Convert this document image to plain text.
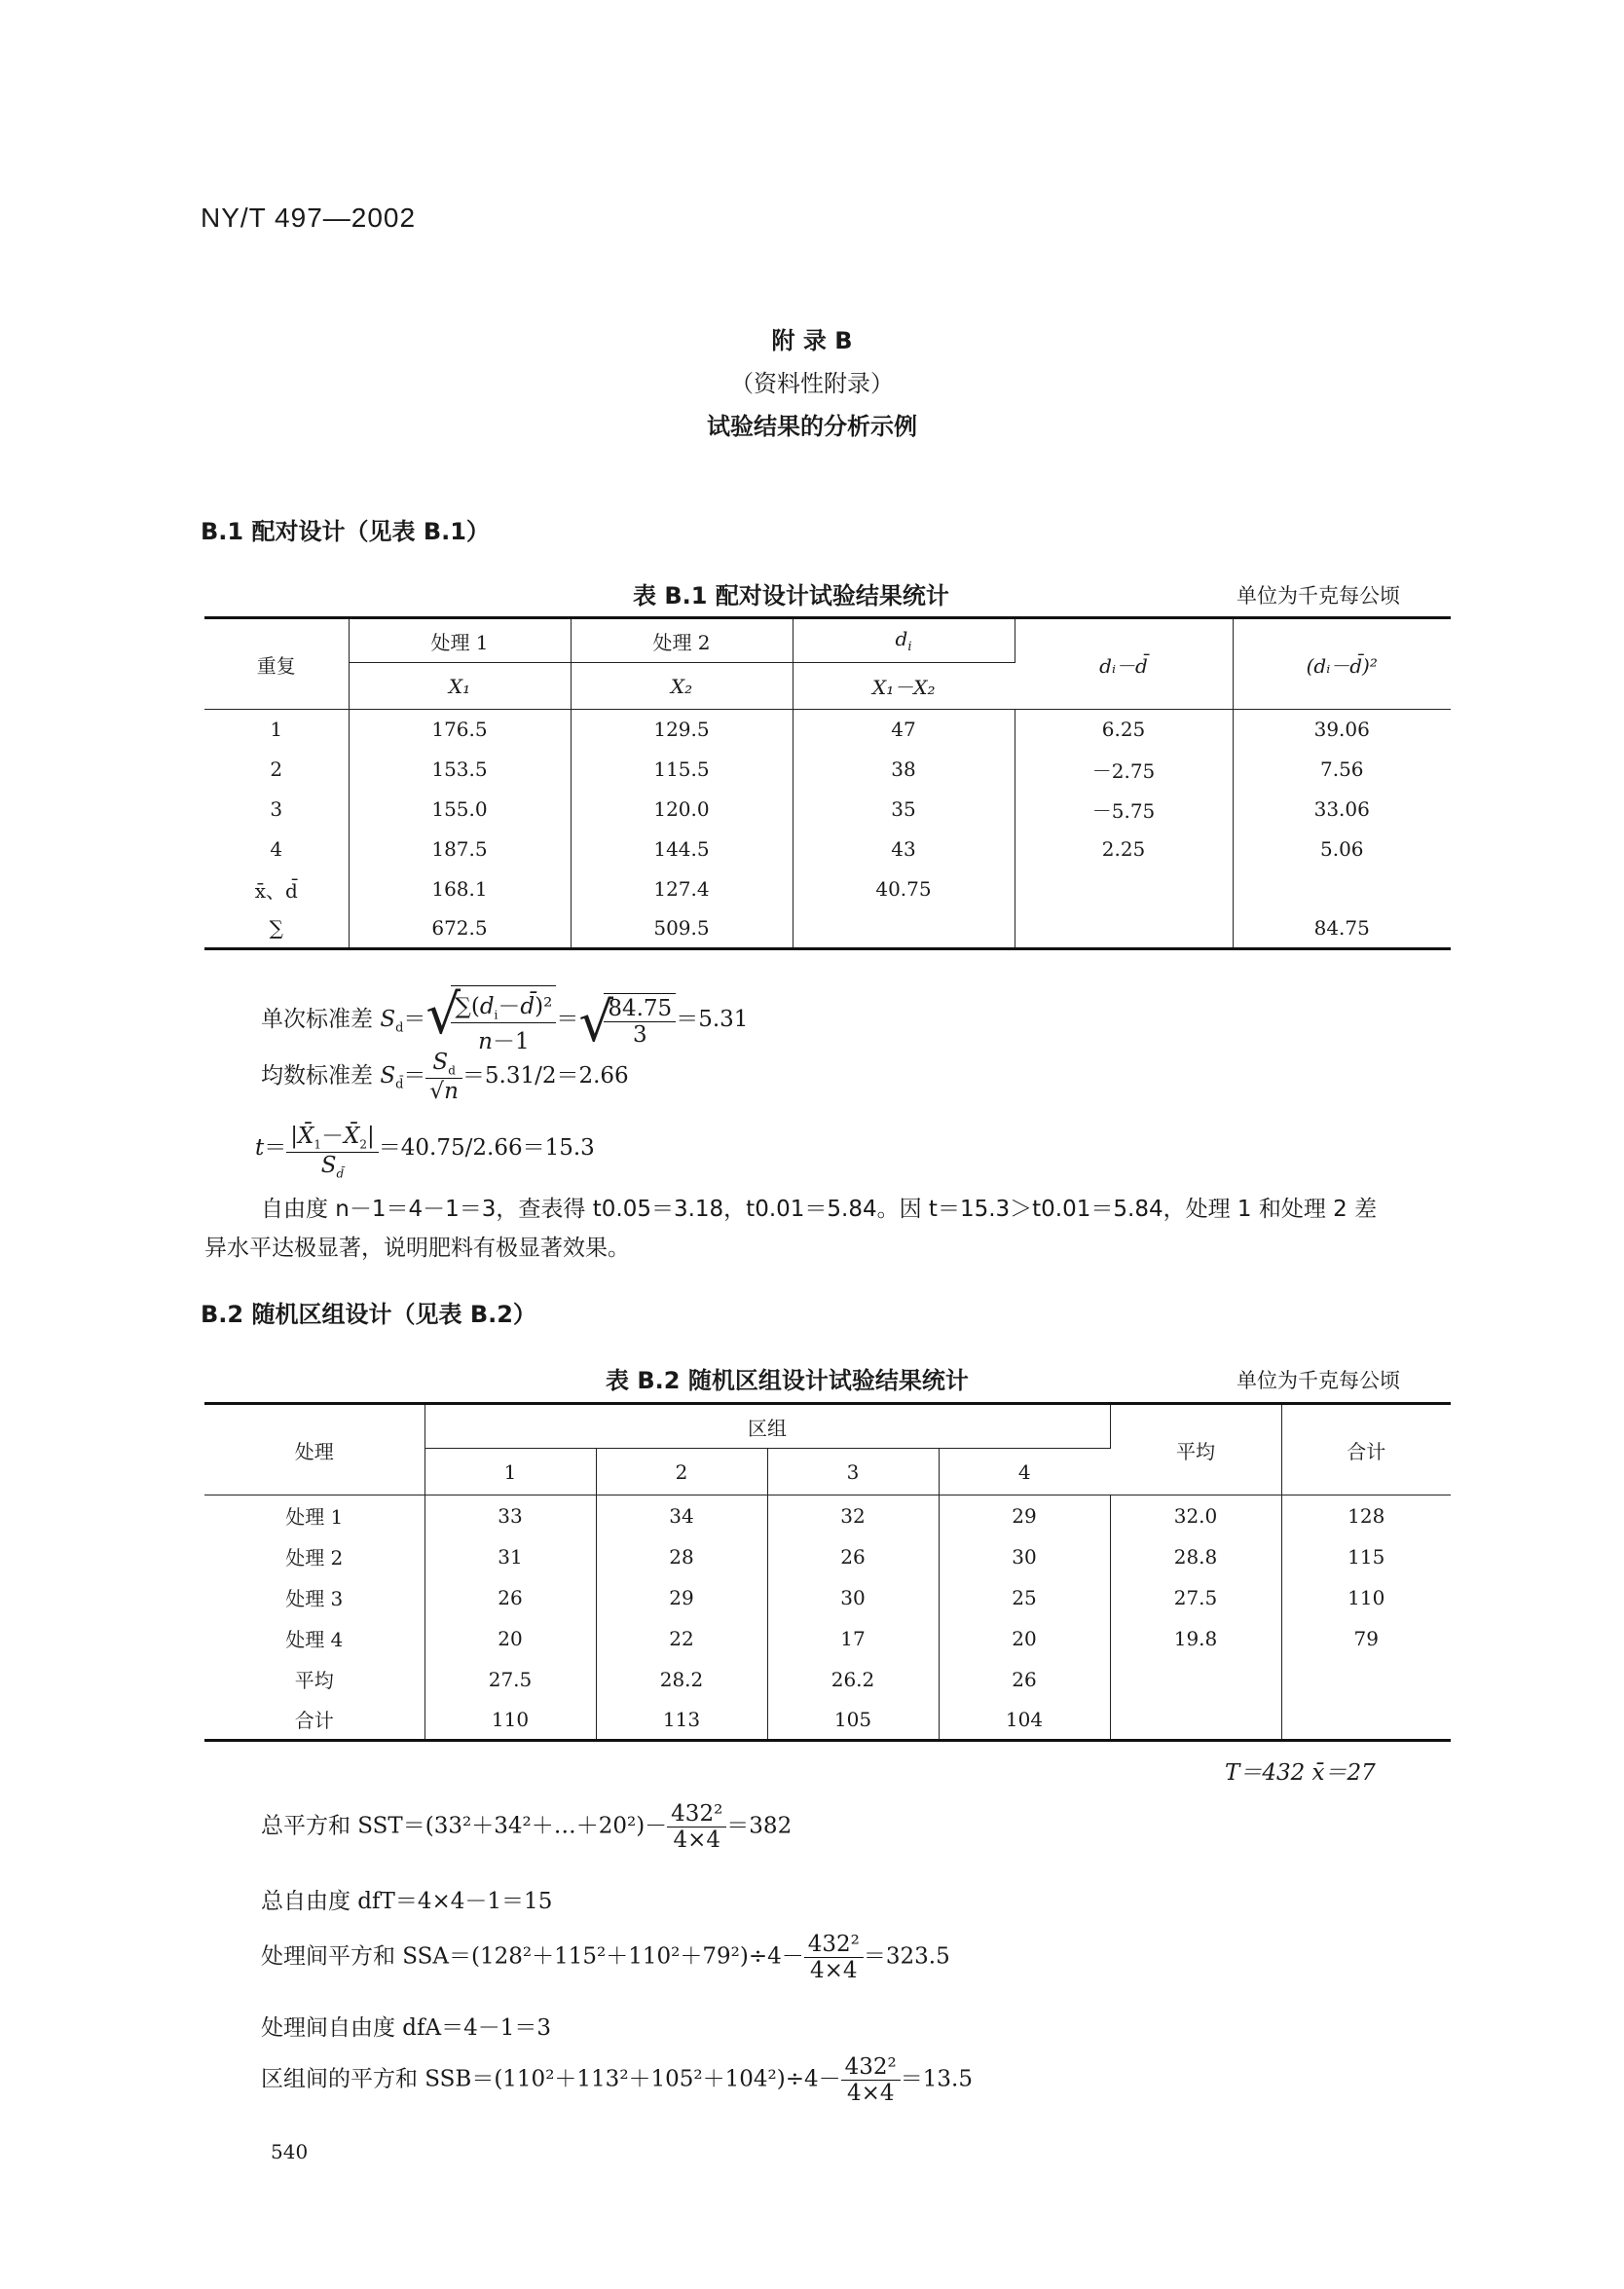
NY/T 497—2002
附 录 B
（资料性附录）
试验结果的分析示例
B.1 配对设计（见表 B.1）
表 B.1 配对设计试验结果统计	单位为千克每公顷
重复	处理 1	处理 2	$d_i$	dᵢ－d̄	(dᵢ－d̄)²
	X₁	X₂	X₁－X₂		
1	176.5	129.5	47	6.25	39.06
2	153.5	115.5	38	－2.75	7.56
3	155.0	120.0	35	－5.75	33.06
4	187.5	144.5	43	2.25	5.06
x̄、d̄	168.1	127.4	40.75		
∑	672.5	509.5			84.75
单次标准差 $S_d=$ √
$\frac{\sum(d_i-d̄)^2}{n-1}$ ＝ √
$\frac{84.75}{3} =5.31$
均数标准差 $S_{d̄}= \frac{S_d}{√n} =5.31/2=2.66$
$t= \frac{|X̄_1-X̄_2|}{S_{d̄}} =40.75/2.66=15.3$
自由度 n－1＝4－1＝3，查表得 t0.05＝3.18，t0.01＝5.84。因 t＝15.3＞t0.01＝5.84，处理 1 和处理 2 差
异水平达极显著，说明肥料有极显著效果。
B.2 随机区组设计（见表 B.2）
表 B.2 随机区组设计试验结果统计	单位为千克每公顷
处理	区组				平均	合计
	1	2	3	4		
处理 1	33	34	32	29	32.0	128
处理 2	31	28	26	30	28.8	115
处理 3	26	29	30	25	27.5	110
处理 4	20	22	17	20	19.8	79
平均	27.5	28.2	26.2	26		
合计	110	113	105	104		
T＝432 x̄＝27
总平方和 SST＝(33²＋34²＋…＋20²)－ $\frac{\text{432²}}{4\times 4} =382$
总自由度 dfT＝4×4－1＝15
处理间平方和 $SSA=(128^2+115^2+110^2+79^2)\div 4- \frac{\text{432²}}{4\times 4} =323.5$
处理间自由度 dfA＝4－1＝3
区组间的平方和 $SSB=(110^2+113^2+105^2+104^2)\div 4- \frac{\text{432²}}{4\times 4} =13.5$
540
